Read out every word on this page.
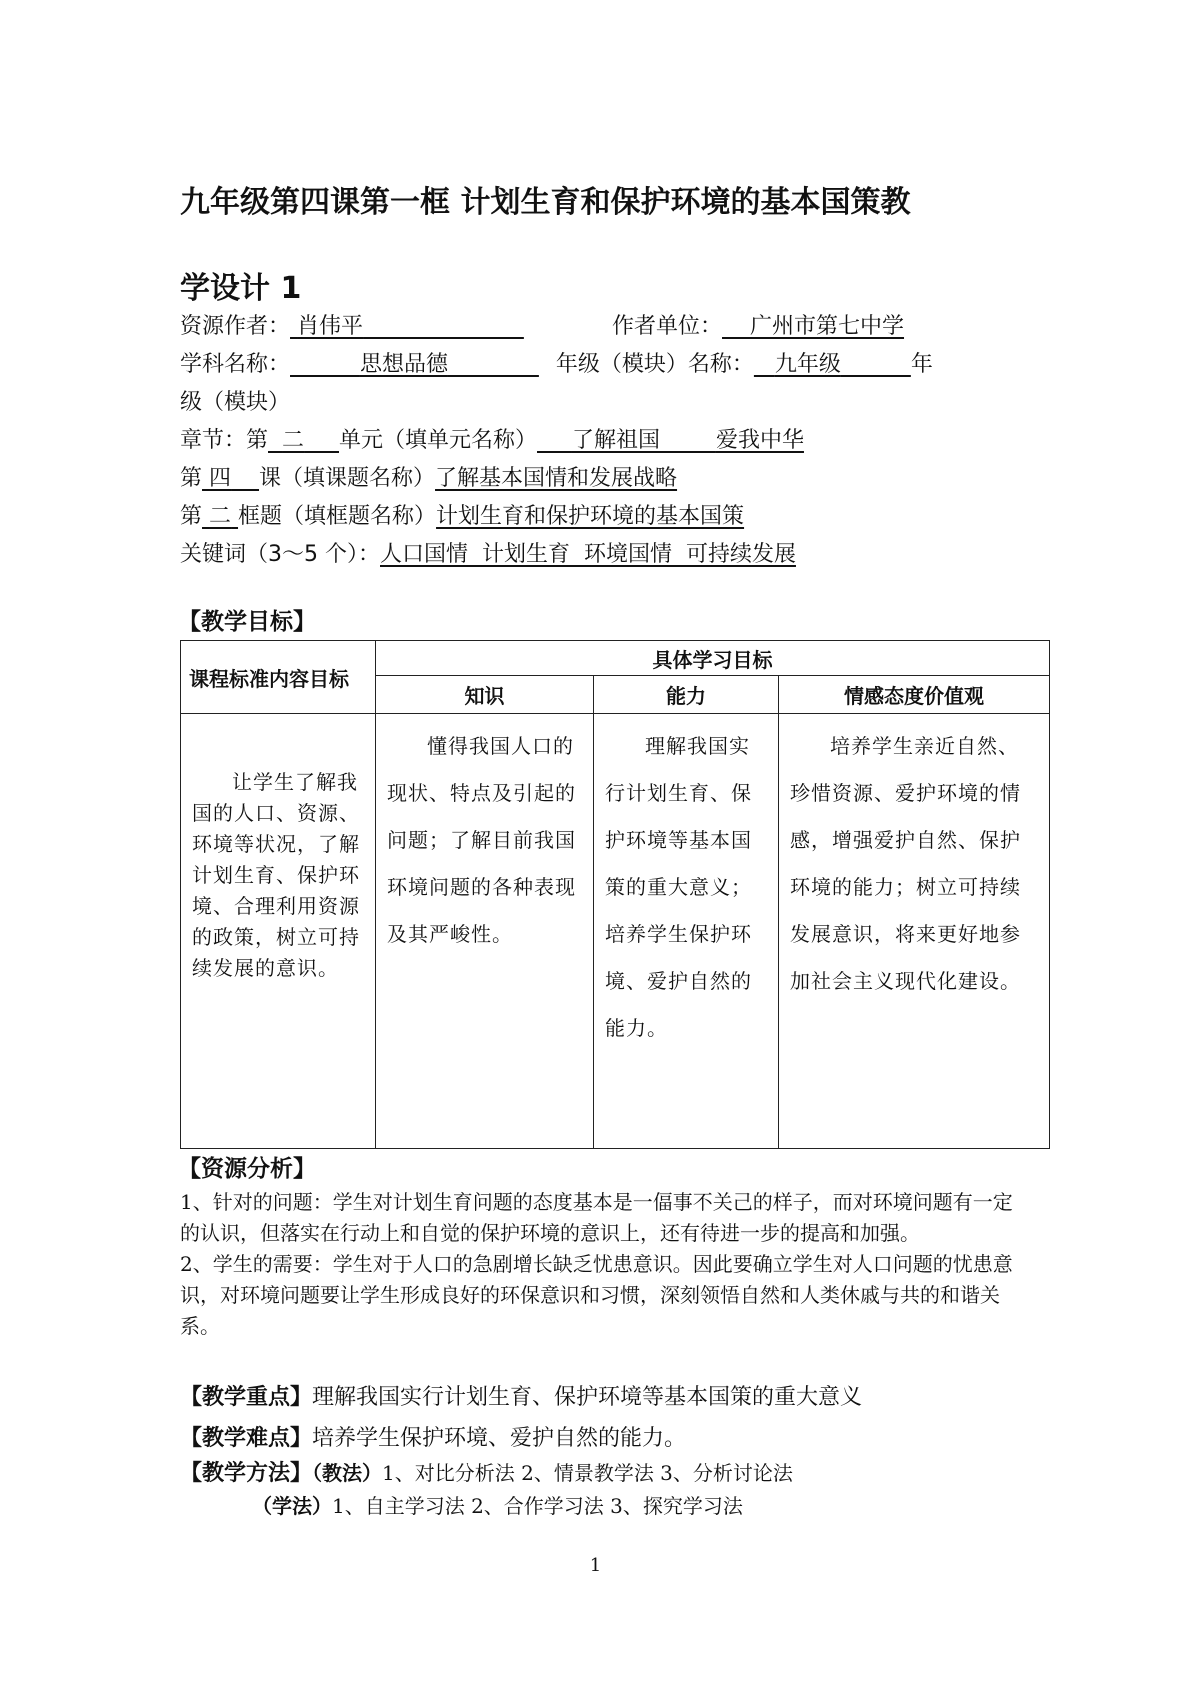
九年级第四课第一框 计划生育和保护环境的基本国策教
学设计 1
资源作者： 肖伟平	作者单位： 广州市第七中学
学科名称：	思想品德	年级（模块）名称： 九年级	年
级（模块）
章节：第 二 单元（填单元名称） 了解祖国	爱我中华
第 四 课（填课题名称）了解基本国情和发展战略
第 二 框题（填框题名称）计划生育和保护环境的基本国策
关键词（3～5 个）：人口国情  计划生育  环境国情  可持续发展
【教学目标】
课程标准内容目标	具体学习目标		
	知识	能力	情感态度价值观

让学生了解我国的人口、资源、环境等状况，了解计划生育、保护环境、合理利用资源的政策，树立可持续发展的意识。	懂得我国人口的现状、特点及引起的问题；了解目前我国环境问题的各种表现及其严峻性。	理解我国实行计划生育、保护环境等基本国策的重大意义；培养学生保护环境、爱护自然的能力。	培养学生亲近自然、珍惜资源、爱护环境的情感，增强爱护自然、保护环境的能力；树立可持续发展意识，将来更好地参加社会主义现代化建设。
【资源分析】
1、针对的问题：学生对计划生育问题的态度基本是一偪事不关己的样子，而对环境问题有一定的认识，但落实在行动上和自觉的保护环境的意识上，还有待进一步的提高和加强。
2、学生的需要：学生对于人口的急剧增长缺乏忧患意识。因此要确立学生对人口问题的忧患意识，对环境问题要让学生形成良好的环保意识和习惯，深刻领悟自然和人类休戚与共的和谐关系。
【教学重点】理解我国实行计划生育、保护环境等基本国策的重大意义
【教学难点】培养学生保护环境、爱护自然的能力。
【教学方法】（教法）1、对比分析法 2、情景教学法 3、分析讨论法
（学法）1、自主学习法 2、合作学习法 3、探究学习法
1
